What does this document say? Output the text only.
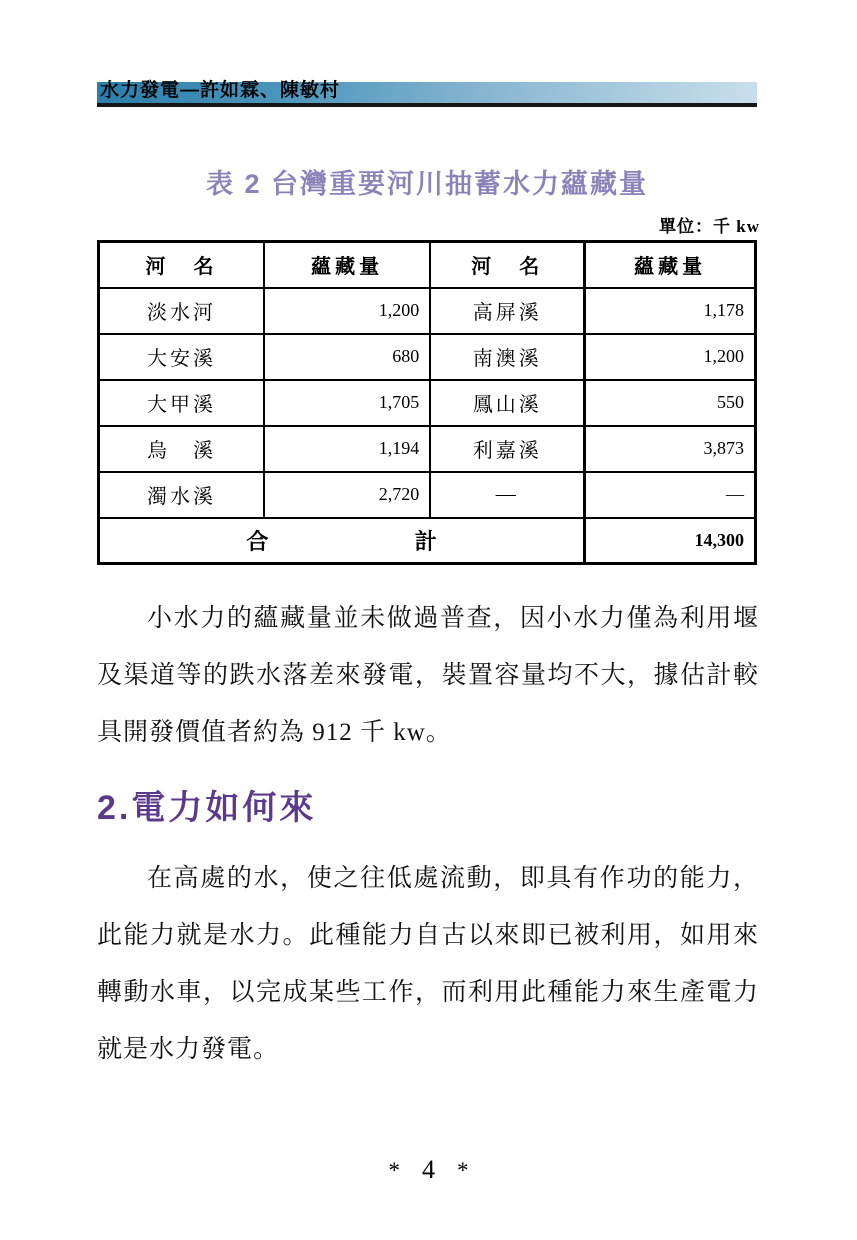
水力發電—許如霖、陳敏村
表 2 台灣重要河川抽蓄水力蘊藏量
單位：千 kw
河　名	蘊藏量	河　名	蘊藏量
淡水河	1,200	高屏溪	1,178
大安溪	680	南澳溪	1,200
大甲溪	1,705	鳳山溪	550
烏　溪	1,194	利嘉溪	3,873
濁水溪	2,720	—	—

合 計			14,300

小水力的蘊藏量並未做過普查，因小水力僅為利用堰及渠道等的跌水落差來發電，裝置容量均不大，據估計較具開發價值者約為 912 千 kw。

2.電力如何來

在高處的水，使之往低處流動，即具有作功的能力，此能力就是水力。此種能力自古以來即已被利用，如用來轉動水車，以完成某些工作，而利用此種能力來生產電力就是水力發電。

* 4 *
